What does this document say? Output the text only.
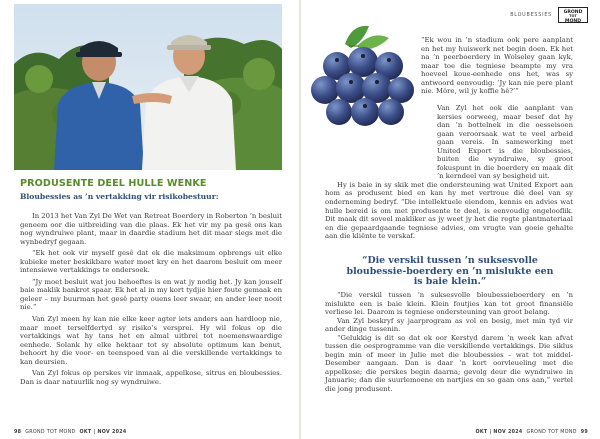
PRODUSENTE DEEL HULLE WENKE
Bloubessies as ’n vertakking vir risikobestuur:

In 2013 het Van Zyl De Wet van Retreat Boerdery in Roberton ’n besluit geneem oor die uitbreiding van die plaas. Ek het vir my pa gesê ons kan nog wyndruiwe plant, maar in daardie stadium het dit maar slegs met die wynbedryf gegaan.

“Ek het ook vir myself gesê dat ek die maksimum opbrengs uit elke kubieke meter beskikbare water moet kry en het daarom besluit om meer intensiewe vertakkings te ondersoek.

”Jy moet besluit wat jou behoeftes is en wat jy nodig het. Jy kan jouself baie maklik bankrot spaar. Ek het al in my kort tydjie hier foute gemaak en geleer – my buurman het gesê party ouens leer swaar, en ander leer nooit nie.”

Van Zyl meen hy kan nie elke keer agter iets anders aan hardloop nie, maar moet terselfdertyd sy risiko’s versprei. Hy wil fokus op die vertakkings wat hy tans het en almal uitbrei tot noemenswaardige eenhede. Solank hy elke hektaar tot sy absolute optimum kan benut, behoort hy die voor- en teenspoed van al die verskillende vertakkings te kan deursien.

Van Zyl fokus op perskes vir inmaak, appelkose, sitrus en bloubessies. Dan is daar natuurlik nog sy wyndruiwe.

98 GROND TOT MOND OKT | NOV 2024
BLOUBESSIES
GROND
TOT
MOND

“Ek wou in ’n stadium ook pere aanplant en het my huiswerk net begin doen. Ek het na ’n peerboerdery in Wolseley gaan kyk, maar toe die tegniese beampte my vra hoeveel koue-eenhede ons het, was sy antwoord eenvoudig: ‘Jy kan nie pere plant nie. Môre, wil jy koffie hê?’”

Van Zyl het ook die aanplant van kersies oorweeg, maar besef dat hy dan ’n bottelnek in die oesseisoen gaan veroorsaak wat te veel arbeid gaan vereis. In samewerking met United Export is die bloubessies, buiten die wyndruiwe, sy groot fokuspunt in die boerdery en maak dit ’n kerndeel van sy besigheid uit.

Hy is baie in sy skik met die ondersteuning wat United Export aan hom as produsent bied en kan hy met vertroue dié deel van sy onderneming bedryf. “Die intellektuele eiendom, kennis en advies wat hulle bereid is om met produsente te deel, is eenvoudig ongelooflik. Dit maak dit soveel makliker as jy weet jy het die regte plantmateriaal en die gepaardgaande tegniese advies, om vrugte van goeie gehalte aan die kliënte te verskaf.

“Die verskil tussen ’n suksesvolle bloubessie-boerdery en ’n mislukte een is baie klein.”

“Die verskil tussen ’n suksesvolle bloubessieboerdery en ’n mislukte een is baie klein. Klein foutjies kan tot groot finansiële verliese lei. Daarom is tegniese ondersteuning van groot belang.

Van Zyl beskryf sy jaarprogram as vol en besig, met min tyd vir ander dinge tussenin.

“Gelukkig is dit so dat ek oor Kerstyd darem ’n week kan afvat tussen die oesprogramme van die verskillende vertakkings. Die siklus begin min of meer in Julie met die bloubessies – wat tot middel-Desember aangaan. Dan is daar ’n kort oorvleueling met die appelkose; die perskes begin daarna; gevolg deur die wyndruiwe in Januarie; dan die suurlemoene en nartjies en so gaan ons aan,” vertel die jong produsent.

OKT | NOV 2024 GROND TOT MOND 99
